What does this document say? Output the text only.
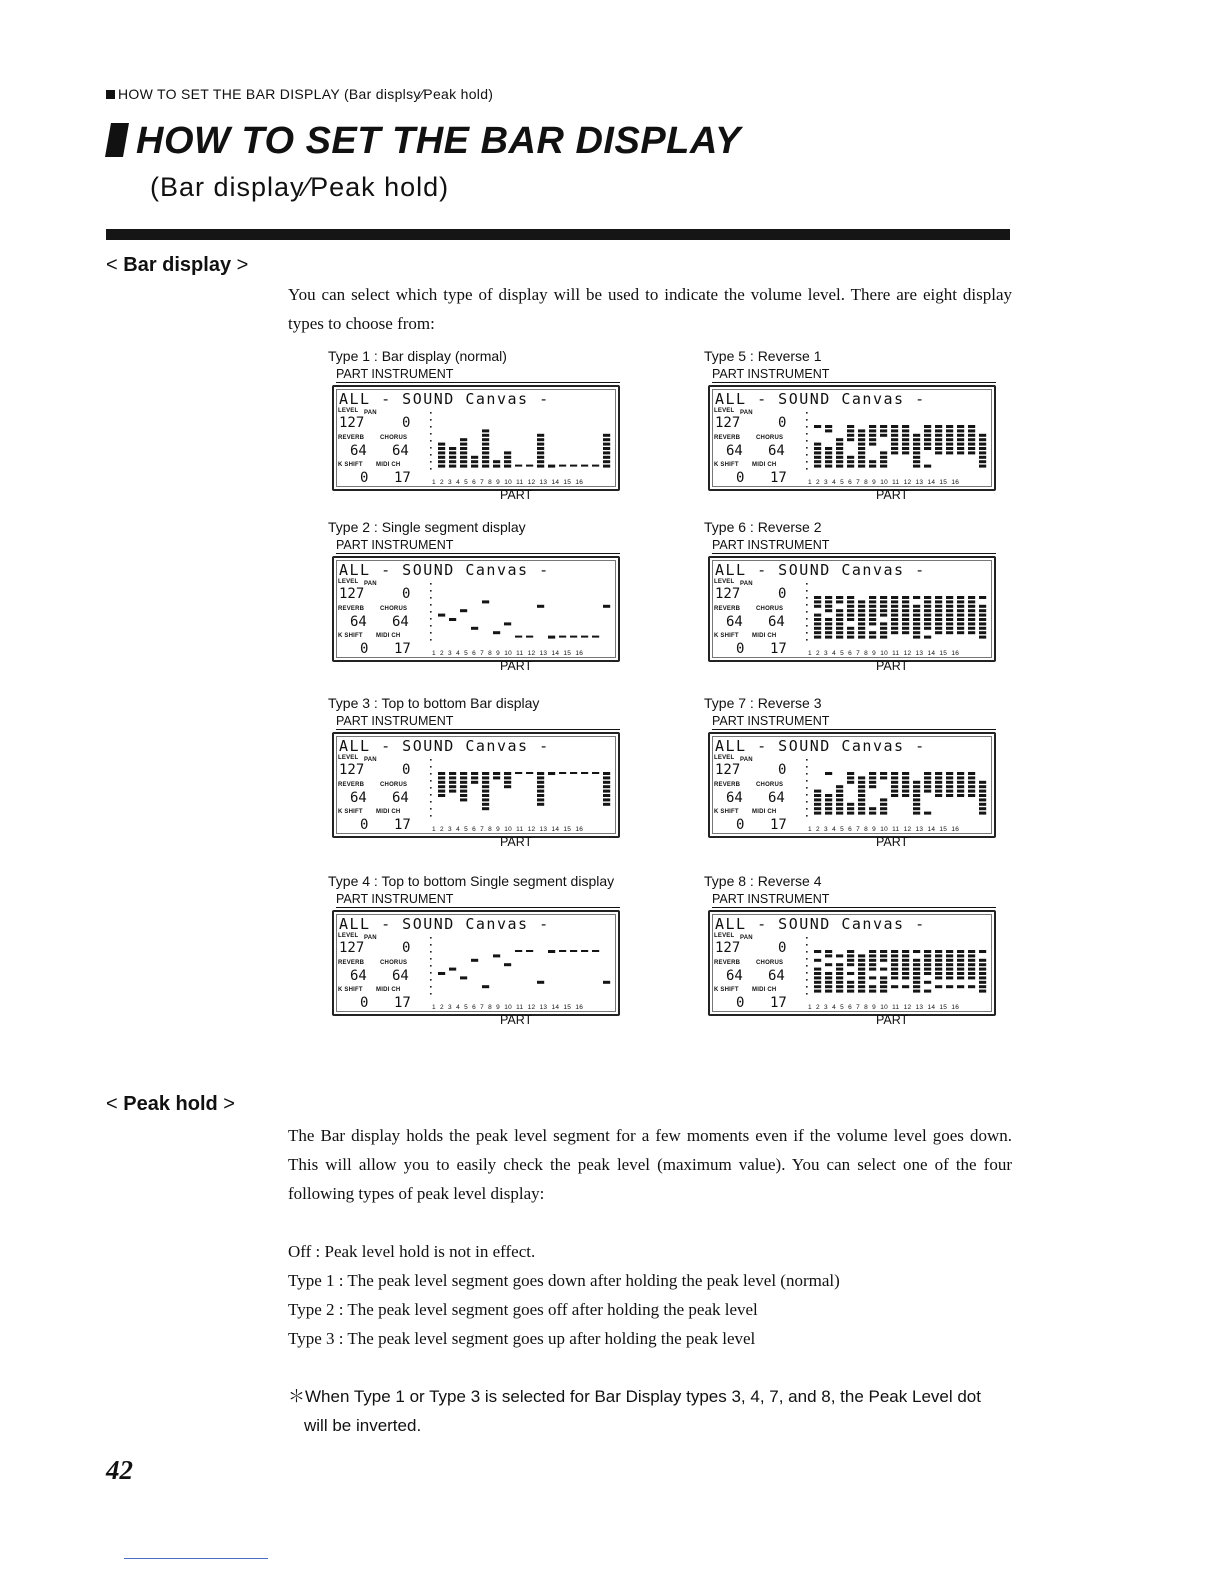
HOW TO SET THE BAR DISPLAY (Bar displsy∕Peak hold)
HOW TO SET THE BAR DISPLAY
(Bar display∕Peak hold)
< Bar display >
You can select which type of display will be used to indicate the volume level. There are eight display types to choose from:
Type 1 : Bar display (normal)
PART INSTRUMENT
ALL - SOUND Canvas -
LEVEL PAN
127	0
REVERB	CHORUS
64 64
K SHIFT MIDI CH
0 17	1 2 3 4 5 6 7 8 9 10 11 12 13 14 15 16
PART
Type 2 : Single segment display
PART INSTRUMENT
ALL - SOUND Canvas -
LEVEL PAN
127	0
REVERB	CHORUS
64 64
K SHIFT MIDI CH
0 17	1 2 3 4 5 6 7 8 9 10 11 12 13 14 15 16
PART
Type 3 : Top to bottom Bar display
PART INSTRUMENT
ALL - SOUND Canvas -
LEVEL PAN
127	0
REVERB	CHORUS
64 64
K SHIFT MIDI CH
0 17	1 2 3 4 5 6 7 8 9 10 11 12 13 14 15 16
PART
Type 4 : Top to bottom Single segment display
PART INSTRUMENT
ALL - SOUND Canvas -
LEVEL PAN
127	0
REVERB	CHORUS
64 64
K SHIFT MIDI CH
0 17	1 2 3 4 5 6 7 8 9 10 11 12 13 14 15 16
PART
Type 5 : Reverse 1
PART INSTRUMENT
ALL - SOUND Canvas -
LEVEL PAN
127	0
REVERB	CHORUS
64 64
K SHIFT MIDI CH
0 17	1 2 3 4 5 6 7 8 9 10 11 12 13 14 15 16
PART
Type 6 : Reverse 2
PART INSTRUMENT
ALL - SOUND Canvas -
LEVEL PAN
127	0
REVERB	CHORUS
64 64
K SHIFT MIDI CH
0 17	1 2 3 4 5 6 7 8 9 10 11 12 13 14 15 16
PART
Type 7 : Reverse 3
PART INSTRUMENT
ALL - SOUND Canvas -
LEVEL PAN
127	0
REVERB	CHORUS
64 64
K SHIFT MIDI CH
0 17	1 2 3 4 5 6 7 8 9 10 11 12 13 14 15 16
PART
Type 8 : Reverse 4
PART INSTRUMENT
ALL - SOUND Canvas -
LEVEL PAN
127	0
REVERB	CHORUS
64 64
K SHIFT MIDI CH
0 17	1 2 3 4 5 6 7 8 9 10 11 12 13 14 15 16
PART
< Peak hold >
The Bar display holds the peak level segment for a few moments even if the volume level goes down. This will allow you to easily check the peak level (maximum value). You can select one of the four following types of peak level display:
Off : Peak level hold is not in effect.
Type 1 : The peak level segment goes down after holding the peak level (normal)
Type 2 : The peak level segment goes off after holding the peak level
Type 3 : The peak level segment goes up after holding the peak level
＊When Type 1 or Type 3 is selected for Bar Display types 3, 4, 7, and 8, the Peak Level dot
will be inverted.
42
